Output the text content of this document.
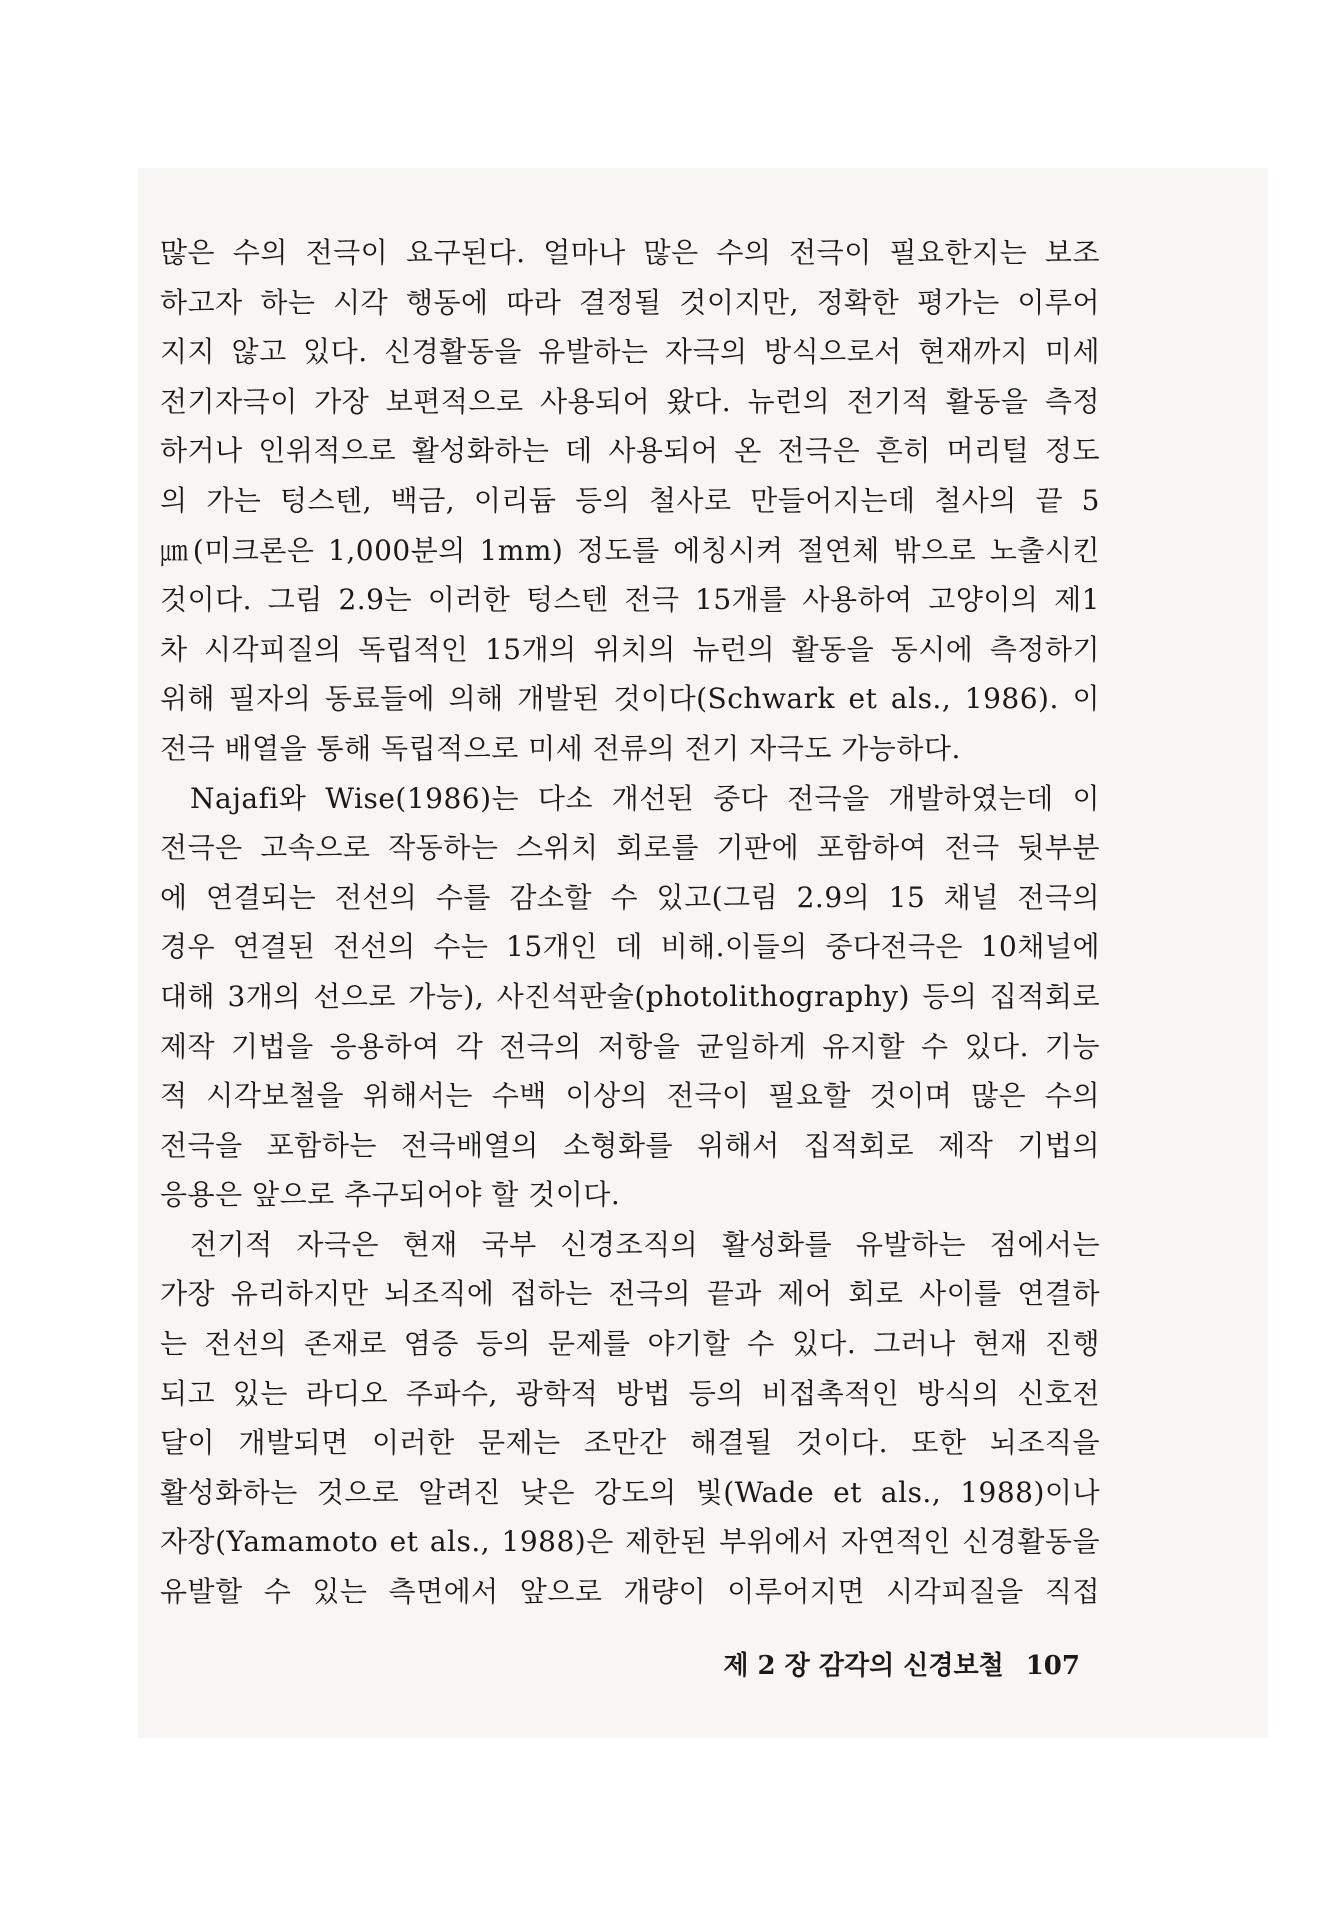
많은 수의 전극이 요구된다. 얼마나 많은 수의 전극이 필요한지는 보조
하고자 하는 시각 행동에 따라 결정될 것이지만, 정확한 평가는 이루어
지지 않고 있다. 신경활동을 유발하는 자극의 방식으로서 현재까지 미세
전기자극이 가장 보편적으로 사용되어 왔다. 뉴런의 전기적 활동을 측정
하거나 인위적으로 활성화하는 데 사용되어 온 전극은 흔히 머리털 정도
의 가는 텅스텐, 백금, 이리듐 등의 철사로 만들어지는데 철사의 끝 5
㎛(미크론은 1,000분의 1mm) 정도를 에칭시켜 절연체 밖으로 노출시킨
것이다. 그림 2.9는 이러한 텅스텐 전극 15개를 사용하여 고양이의 제1
차 시각피질의 독립적인 15개의 위치의 뉴런의 활동을 동시에 측정하기
위해 필자의 동료들에 의해 개발된 것이다(Schwark et als., 1986). 이
전극 배열을 통해 독립적으로 미세 전류의 전기 자극도 가능하다.
Najafi와 Wise(1986)는 다소 개선된 중다 전극을 개발하였는데 이
전극은 고속으로 작동하는 스위치 회로를 기판에 포함하여 전극 뒷부분
에 연결되는 전선의 수를 감소할 수 있고(그림 2.9의 15 채널 전극의
경우 연결된 전선의 수는 15개인 데 비해.이들의 중다전극은 10채널에
대해 3개의 선으로 가능), 사진석판술(photolithography) 등의 집적회로
제작 기법을 응용하여 각 전극의 저항을 균일하게 유지할 수 있다. 기능
적 시각보철을 위해서는 수백 이상의 전극이 필요할 것이며 많은 수의
전극을 포함하는 전극배열의 소형화를 위해서 집적회로 제작 기법의
응용은 앞으로 추구되어야 할 것이다.
전기적 자극은 현재 국부 신경조직의 활성화를 유발하는 점에서는
가장 유리하지만 뇌조직에 접하는 전극의 끝과 제어 회로 사이를 연결하
는 전선의 존재로 염증 등의 문제를 야기할 수 있다. 그러나 현재 진행
되고 있는 라디오 주파수, 광학적 방법 등의 비접촉적인 방식의 신호전
달이 개발되면 이러한 문제는 조만간 해결될 것이다. 또한 뇌조직을
활성화하는 것으로 알려진 낮은 강도의 빛(Wade et als., 1988)이나
자장(Yamamoto et als., 1988)은 제한된 부위에서 자연적인 신경활동을
유발할 수 있는 측면에서 앞으로 개량이 이루어지면 시각피질을 직접
제 2 장 감각의 신경보철 107
